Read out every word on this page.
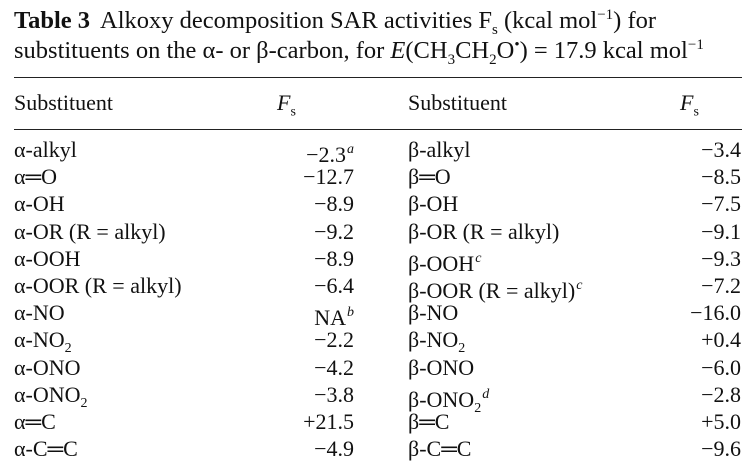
Table 3 Alkoxy decomposition SAR activities $F_s$ (kcal mol$^{-1}$) for
substituents on the α- or β-carbon, for $E(CH_3CH_2O^•) = 17.9$ kcal mol$^{-1}$
Substituent	$F_s$	Substituent	$F_s$
α-alkyl	−2.3$^a$ β-alkyl	−3.4
α═O	−12.7 β═O	−8.5
α-OH	−8.9 β-OH	−7.5
α-OR (R = alkyl)	−9.2 β-OR (R = alkyl)	−9.1
α-OOH	−8.9 β-OOH$^c$	−9.3
α-OOR (R = alkyl)	−6.4 β-OOR (R = alkyl)$^c$	−7.2
α-NO	NA$^b$ β-NO	−16.0
$\alpha-NO_2$	−2.2 $\beta-NO_2$	+0.4
α-ONO	−4.2 β-ONO	−6.0
$\alpha-ONO_2$	−3.8 $\beta-ONO_2^d$	−2.8
α═C	+21.5 β═C	+5.0
α-C═C	−4.9 β-C═C	−9.6
